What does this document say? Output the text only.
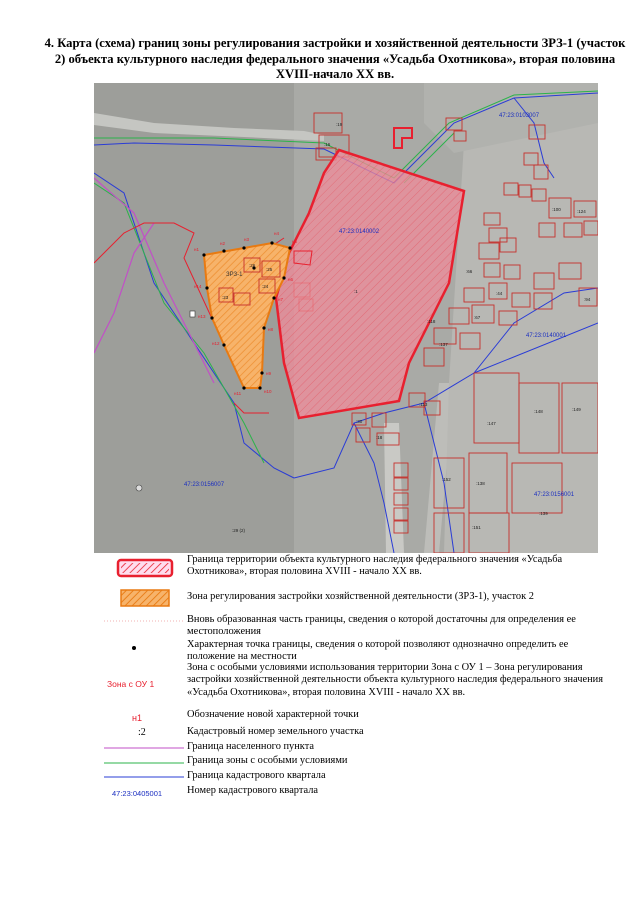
4. Карта (схема) границ зоны регулирования застройки и хозяйственной деятельности ЗРЗ-1 (участок 2) объекта культурного наследия федерального значения «Усадьба Охотникова», вторая половина XVIII-начало XX вв.
н1
н2
н3
н4
н5
н6
н7
н8
н9
н10
н11
н12
н13
н14
47:23:0103007
47:23:0140002
47:23:0140001
47:23:0156007
47:23:0156001
:19
:16
:26
:25
:23
:24
:1
:147
:148	:149
:152
:138
:151
:139
:29 (2)
:30
:18
:113
:118
:137
:44
:94
:67
:100	:124
:66
ЗРЗ-1
Граница территории объекта культурного наследия федерального значения «Усадьба Охотникова», вторая половина XVIII - начало XX вв.
Зона регулирования застройки хозяйственной деятельности (ЗРЗ-1), участок 2
Вновь образованная часть границы, сведения о которой достаточны для определения ее местоположения
Характерная точка границы, сведения о которой позволяют однозначно определить ее положение на местности
Зона с ОУ 1
Зона с особыми условиями использования территории Зона с ОУ 1 – Зона регулирования застройки хозяйственной деятельности объекта культурного наследия федерального значения «Усадьба Охотникова», вторая половина XVIII - начало XX вв.
н1	Обозначение новой характерной точки
:2	Кадастровый номер земельного участка
Граница населенного пункта
Граница зоны с особыми условиями
Граница кадастрового квартала
47:23:0405001 Номер кадастрового квартала
